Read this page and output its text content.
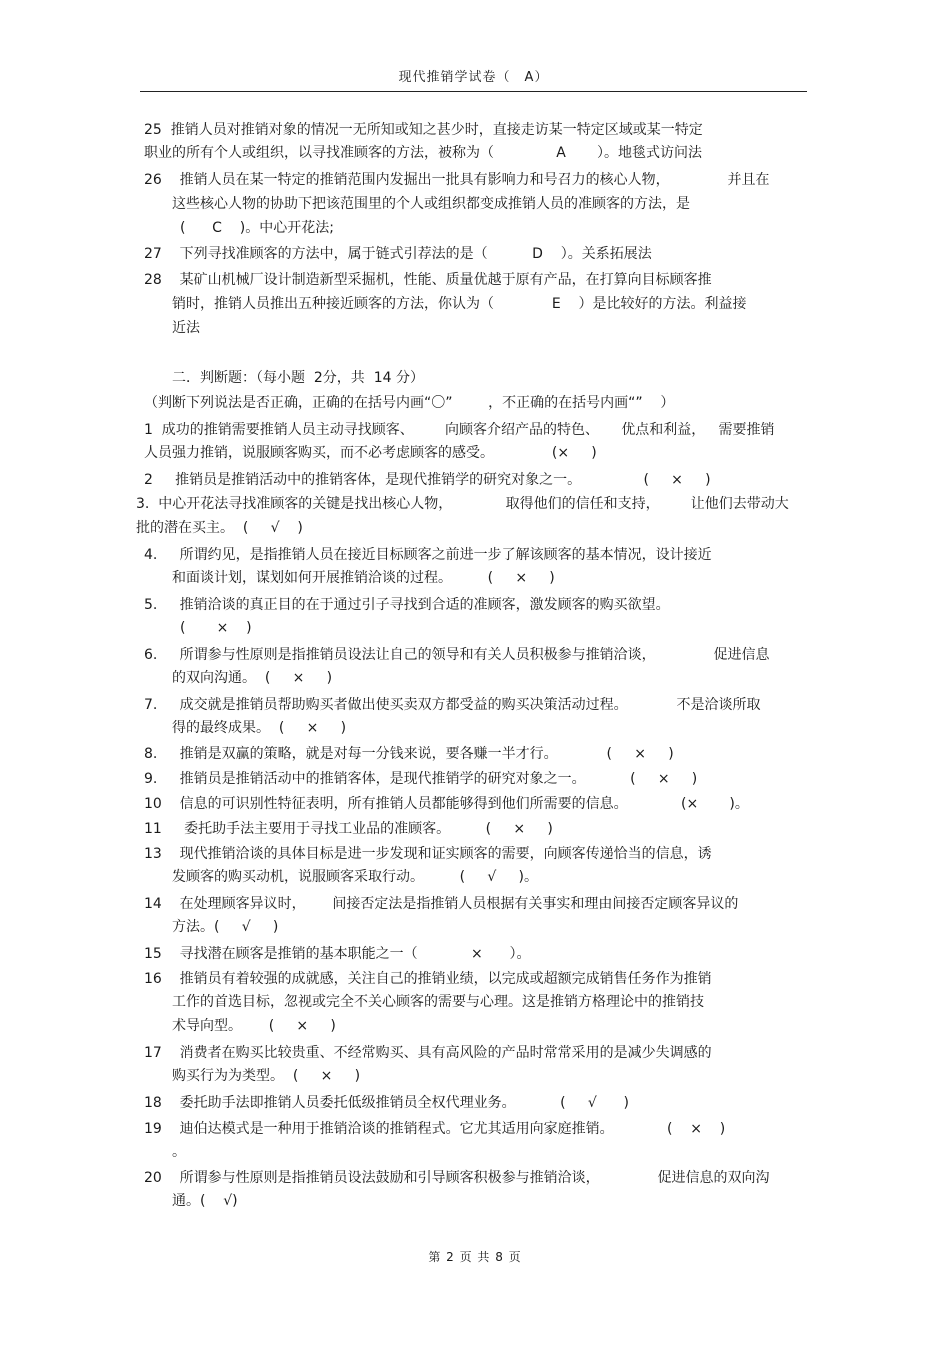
现代推销学试卷（　A）
25  推销人员对推销对象的情况一无所知或知之甚少时，直接走访某一特定区域或某一特定
职业的所有个人或组织，以寻找准顾客的方法，被称为（              A       ）。地毯式访问法
26    推销人员在某一特定的推销范围内发掘出一批具有影响力和号召力的核心人物，             并且在
这些核心人物的协助下把该范围里的个人或组织都变成推销人员的准顾客的方法，是
(      C    )。中心开花法;
27    下列寻找准顾客的方法中，属于链式引荐法的是（          D    ）。关系拓展法
28    某矿山机械厂设计制造新型采掘机，性能、质量优越于原有产品，在打算向目标顾客推
销时，推销人员推出五种接近顾客的方法，你认为（             E    ）是比较好的方法。利益接
近法
二．判断题：（每小题  2分，共  14 分）
（判断下列说法是否正确，正确的在括号内画“〇”        ，不正确的在括号内画“”    ）
1  成功的推销需要推销人员主动寻找顾客、       向顾客介绍产品的特色、     优点和利益，   需要推销
人员强力推销，说服顾客购买，而不必考虑顾客的感受。             (×     )
2     推销员是推销活动中的推销客体，是现代推销学的研究对象之一。              (     ×     )
3.  中心开花法寻找准顾客的关键是找出核心人物，            取得他们的信任和支持，       让他们去带动大
批的潜在买主。  (     √    )
4.     所谓约见，是指推销人员在接近目标顾客之前进一步了解该顾客的基本情况，设计接近
和面谈计划，谋划如何开展推销洽谈的过程。        (     ×     )
5.     推销洽谈的真正目的在于通过引子寻找到合适的准顾客，激发顾客的购买欲望。
(       ×    )
6.     所谓参与性原则是指推销员设法让自己的领导和有关人员积极参与推销洽谈，             促进信息
的双向沟通。  (     ×     )
7.     成交就是推销员帮助购买者做出使买卖双方都受益的购买决策活动过程。           不是洽谈所取
得的最终成果。  (     ×     )
8.     推销是双赢的策略，就是对每一分钱来说，要各赚一半才行。           (     ×     )
9.     推销员是推销活动中的推销客体，是现代推销学的研究对象之一。          (     ×     )
10    信息的可识别性特征表明，所有推销人员都能够得到他们所需要的信息。            (×       )。
11     委托助手法主要用于寻找工业品的准顾客。        (     ×     )
13    现代推销洽谈的具体目标是进一步发现和证实顾客的需要，向顾客传递恰当的信息，诱
发顾客的购买动机，说服顾客采取行动。        (     √     )。
14    在处理顾客异议时，      间接否定法是指推销人员根据有关事实和理由间接否定顾客异议的
方法。(     √     )
15    寻找潜在顾客是推销的基本职能之一（            ×      ）。
16    推销员有着较强的成就感，关注自己的推销业绩，以完成或超额完成销售任务作为推销
工作的首选目标，忽视或完全不关心顾客的需要与心理。这是推销方格理论中的推销技
术导向型。      (     ×     )
17    消费者在购买比较贵重、不经常购买、具有高风险的产品时常常采用的是减少失调感的
购买行为为类型。  (     ×     )
18    委托助手法即推销人员委托低级推销员全权代理业务。          (     √      )
19    迪伯达模式是一种用于推销洽谈的推销程式。它尤其适用向家庭推销。            (    ×    )
。
20    所谓参与性原则是指推销员设法鼓励和引导顾客积极参与推销洽谈，             促进信息的双向沟
通。(    √)
第 2 页 共 8 页
